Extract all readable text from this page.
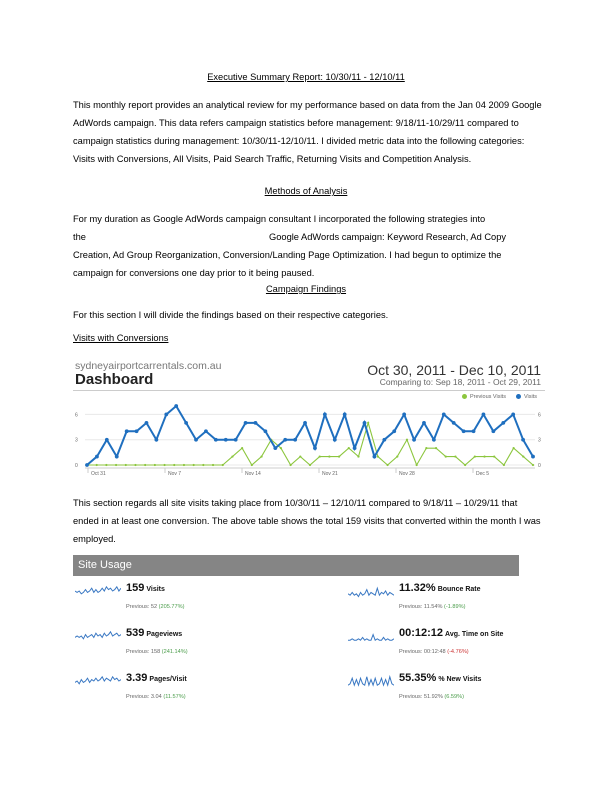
Executive Summary Report: 10/30/11 - 12/10/11
This monthly report provides an analytical review for my performance based on data from the Jan 04 2009 Google AdWords campaign. This data refers campaign statistics before management: 9/18/11-10/29/11 compared to campaign statistics during management: 10/30/11-12/10/11. I divided metric data into the following categories: Visits with Conversions, All Visits, Paid Search Traffic, Returning Visits and Competition Analysis.
Methods of Analysis
For my duration as Google AdWords campaign consultant I incorporated the following strategies into
the	Google AdWords campaign: Keyword Research, Ad Copy
Creation, Ad Group Reorganization, Conversion/Landing Page Optimization. I had begun to optimize the campaign for conversions one day prior to it being paused.
Campaign Findings
For this section I will divide the findings based on their respective categories.
Visits with Conversions
sydneyairportcarrentals.com.au
Dashboard
Oct 30, 2011 - Dec 10, 2011
Comparing to: Sep 18, 2011 - Oct 29, 2011
Previous Visits	Visits
0	0
3	3
6	6
Oct 31	Nov 7	Nov 14	Nov 21	Nov 28	Dec 5
This section regards all site visits taking place from 10/30/11 – 12/10/11 compared to 9/18/11 – 10/29/11 that ended in at least one conversion. The above table shows the total 159 visits that converted within the month I was employed.
Site Usage
159 Visits
Previous: 52 (205.77%)
11.32% Bounce Rate
Previous: 11.54% (-1.89%)
539 Pageviews
Previous: 158 (241.14%)
00:12:12 Avg. Time on Site
Previous: 00:12:48 (-4.76%)
3.39 Pages/Visit
Previous: 3.04 (11.57%)
55.35% % New Visits
Previous: 51.92% (6.59%)
